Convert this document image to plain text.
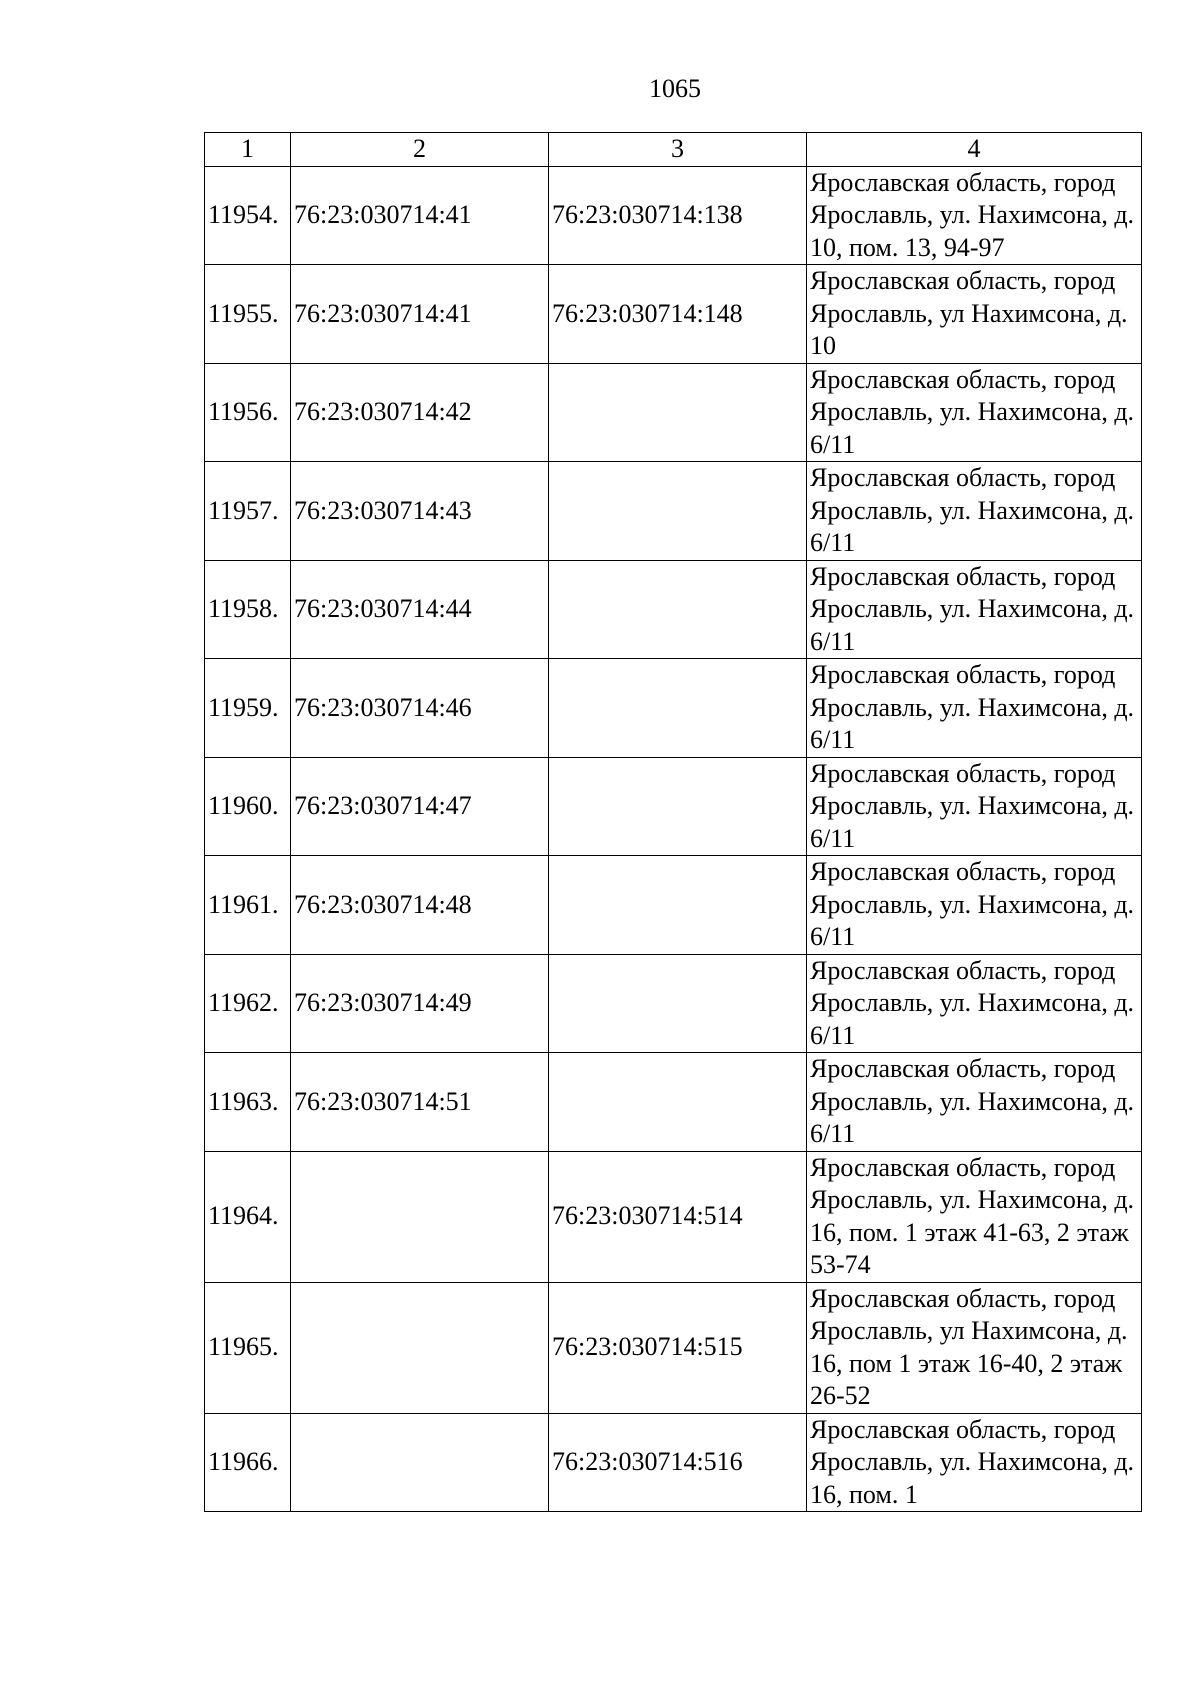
1065
1	2	3	4
11954.	76:23:030714:41	76:23:030714:138	Ярославская область, город Ярославль, ул. Нахимсона, д. 10, пом. 13, 94-97
11955.	76:23:030714:41	76:23:030714:148	Ярославская область, город Ярославль, ул Нахимсона, д. 10
11956.	76:23:030714:42		Ярославская область, город Ярославль, ул. Нахимсона, д. 6/11
11957.	76:23:030714:43		Ярославская область, город Ярославль, ул. Нахимсона, д. 6/11
11958.	76:23:030714:44		Ярославская область, город Ярославль, ул. Нахимсона, д. 6/11
11959.	76:23:030714:46		Ярославская область, город Ярославль, ул. Нахимсона, д. 6/11
11960.	76:23:030714:47		Ярославская область, город Ярославль, ул. Нахимсона, д. 6/11
11961.	76:23:030714:48		Ярославская область, город Ярославль, ул. Нахимсона, д. 6/11
11962.	76:23:030714:49		Ярославская область, город Ярославль, ул. Нахимсона, д. 6/11
11963.	76:23:030714:51		Ярославская область, город Ярославль, ул. Нахимсона, д. 6/11
11964.		76:23:030714:514	Ярославская область, город Ярославль, ул. Нахимсона, д. 16, пом. 1 этаж 41-63, 2 этаж 53-74
11965.		76:23:030714:515	Ярославская область, город Ярославль, ул Нахимсона, д. 16, пом 1 этаж 16-40, 2 этаж 26-52
11966.		76:23:030714:516	Ярославская область, город Ярославль, ул. Нахимсона, д. 16, пом. 1
